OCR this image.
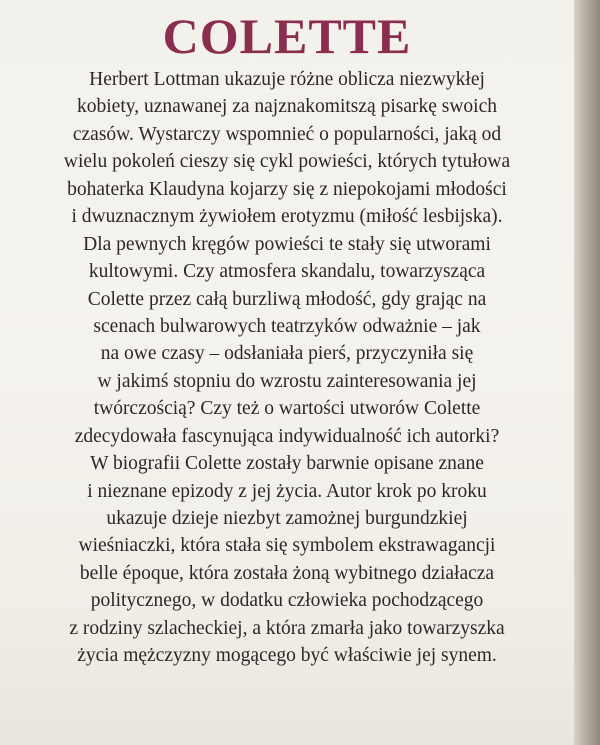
COLETTE
Herbert Lottman ukazuje różne oblicza niezwykłej
kobiety, uznawanej za najznakomitszą pisarkę swoich
czasów. Wystarczy wspomnieć o popularności, jaką od
wielu pokoleń cieszy się cykl powieści, których tytułowa
bohaterka Klaudyna kojarzy się z niepokojami młodości
i dwuznacznym żywiołem erotyzmu (miłość lesbijska).
Dla pewnych kręgów powieści te stały się utworami
kultowymi. Czy atmosfera skandalu, towarzysząca
Colette przez całą burzliwą młodość, gdy grając na
scenach bulwarowych teatrzyków odważnie – jak
na owe czasy – odsłaniała pierś, przyczyniła się
w jakimś stopniu do wzrostu zainteresowania jej
twórczością? Czy też o wartości utworów Colette
zdecydowała fascynująca indywidualność ich autorki?
W biografii Colette zostały barwnie opisane znane
i nieznane epizody z jej życia. Autor krok po kroku
ukazuje dzieje niezbyt zamożnej burgundzkiej
wieśniaczki, która stała się symbolem ekstrawagancji
belle époque, która została żoną wybitnego działacza
politycznego, w dodatku człowieka pochodzącego
z rodziny szlacheckiej, a która zmarła jako towarzyszka
życia mężczyzny mogącego być właściwie jej synem.
